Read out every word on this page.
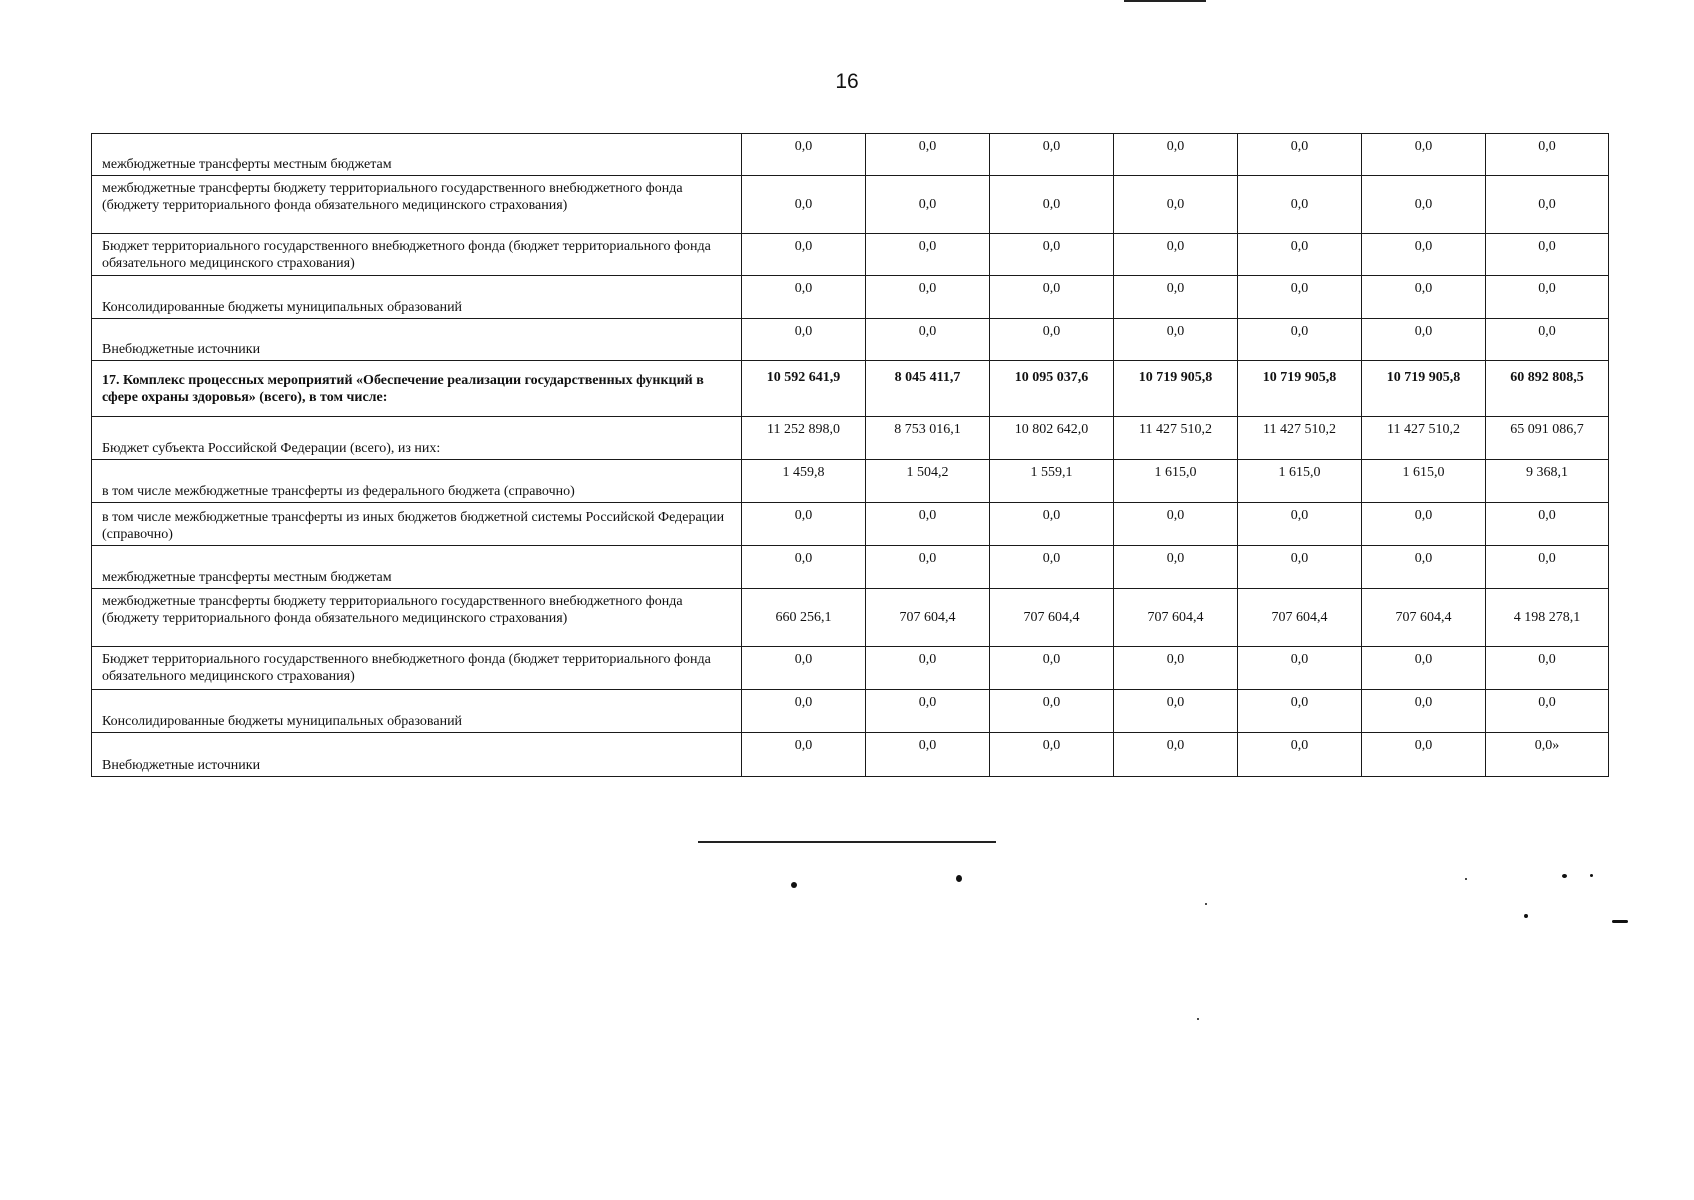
16
межбюджетные трансферты местным бюджетам	0,0	0,0	0,0	0,0	0,0	0,0	0,0
межбюджетные трансферты бюджету территориального государственного внебюджетного фонда (бюджету территориального фонда обязательного медицинского страхования)	0,0	0,0	0,0	0,0	0,0	0,0	0,0
Бюджет территориального государственного внебюджетного фонда (бюджет территориального фонда обязательного медицинского страхования)	0,0	0,0	0,0	0,0	0,0	0,0	0,0
Консолидированные бюджеты муниципальных образований	0,0	0,0	0,0	0,0	0,0	0,0	0,0
Внебюджетные источники	0,0	0,0	0,0	0,0	0,0	0,0	0,0
17. Комплекс процессных мероприятий «Обеспечение реализации государственных функций в сфере охраны здоровья» (всего), в том числе:	10 592 641,9	8 045 411,7	10 095 037,6	10 719 905,8	10 719 905,8	10 719 905,8	60 892 808,5
Бюджет субъекта Российской Федерации (всего), из них:	11 252 898,0	8 753 016,1	10 802 642,0	11 427 510,2	11 427 510,2	11 427 510,2	65 091 086,7
в том числе межбюджетные трансферты из федерального бюджета (справочно)	1 459,8	1 504,2	1 559,1	1 615,0	1 615,0	1 615,0	9 368,1
в том числе межбюджетные трансферты из иных бюджетов бюджетной системы Российской Федерации (справочно)	0,0	0,0	0,0	0,0	0,0	0,0	0,0
межбюджетные трансферты местным бюджетам	0,0	0,0	0,0	0,0	0,0	0,0	0,0
межбюджетные трансферты бюджету территориального государственного внебюджетного фонда (бюджету территориального фонда обязательного медицинского страхования)	660 256,1	707 604,4	707 604,4	707 604,4	707 604,4	707 604,4	4 198 278,1
Бюджет территориального государственного внебюджетного фонда (бюджет территориального фонда обязательного медицинского страхования)	0,0	0,0	0,0	0,0	0,0	0,0	0,0
Консолидированные бюджеты муниципальных образований	0,0	0,0	0,0	0,0	0,0	0,0	0,0
Внебюджетные источники	0,0	0,0	0,0	0,0	0,0	0,0	0,0»
